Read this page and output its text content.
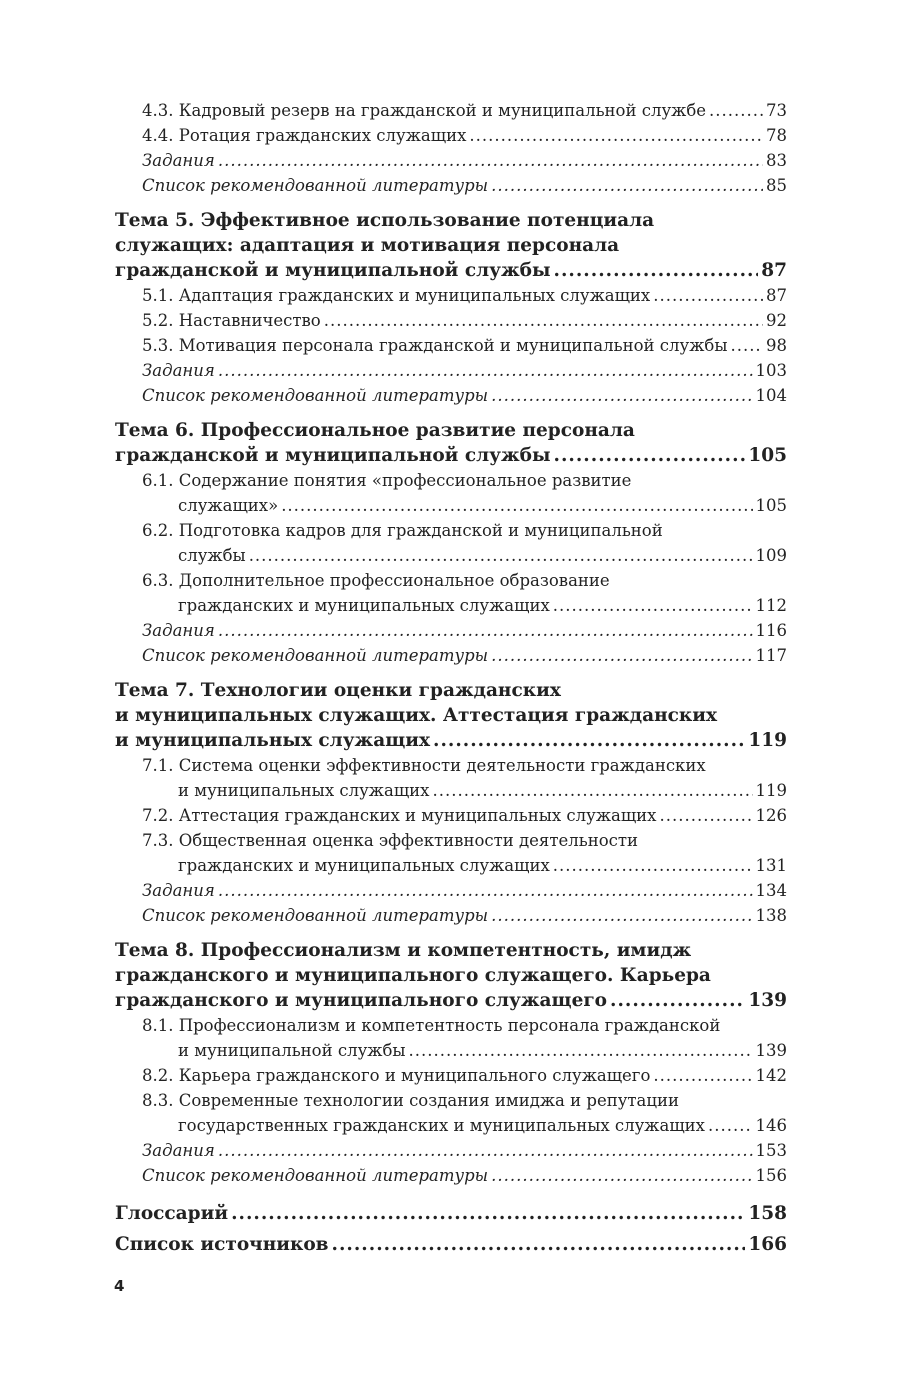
4.3. Кадровый резерв на гражданской и муниципальной службе .....	73
4.4. Ротация гражданских служащих .....	78
Задания .....	83
Список рекомендованной литературы .....	85
Тема 5. Эффективное использование потенциала
служащих: адаптация и мотивация персонала
гражданской и муниципальной службы .....	87
5.1. Адаптация гражданских и муниципальных служащих .....	87
5.2. Наставничество .....	92
5.3. Мотивация персонала гражданской и муниципальной службы ..... 98
Задания .....	103
Список рекомендованной литературы .....	104
Тема 6. Профессиональное развитие персонала
гражданской и муниципальной службы .....	105
6.1. Содержание понятия «профессиональное развитие
служащих» .....	105
6.2. Подготовка кадров для гражданской и муниципальной
службы .....	109
6.3. Дополнительное профессиональное образование
гражданских и муниципальных служащих .....	112
Задания .....	116
Список рекомендованной литературы .....	117
Тема 7. Технологии оценки гражданских
и муниципальных служащих. Аттестация гражданских
и муниципальных служащих .....	119
7.1. Система оценки эффективности деятельности гражданских
и муниципальных служащих .....	119
7.2. Аттестация гражданских и муниципальных служащих .....	126
7.3. Общественная оценка эффективности деятельности
гражданских и муниципальных служащих .....	131
Задания .....	134
Список рекомендованной литературы .....	138
Тема 8. Профессионализм и компетентность, имидж
гражданского и муниципального служащего. Карьера
гражданского и муниципального служащего .....	139
8.1. Профессионализм и компетентность персонала гражданской
и муниципальной службы .....	139
8.2. Карьера гражданского и муниципального служащего .....	142
8.3. Современные технологии создания имиджа и репутации
государственных гражданских и муниципальных служащих .....	146
Задания .....	153
Список рекомендованной литературы .....	156
Глоссарий .....	158
Список источников .....	166
4
